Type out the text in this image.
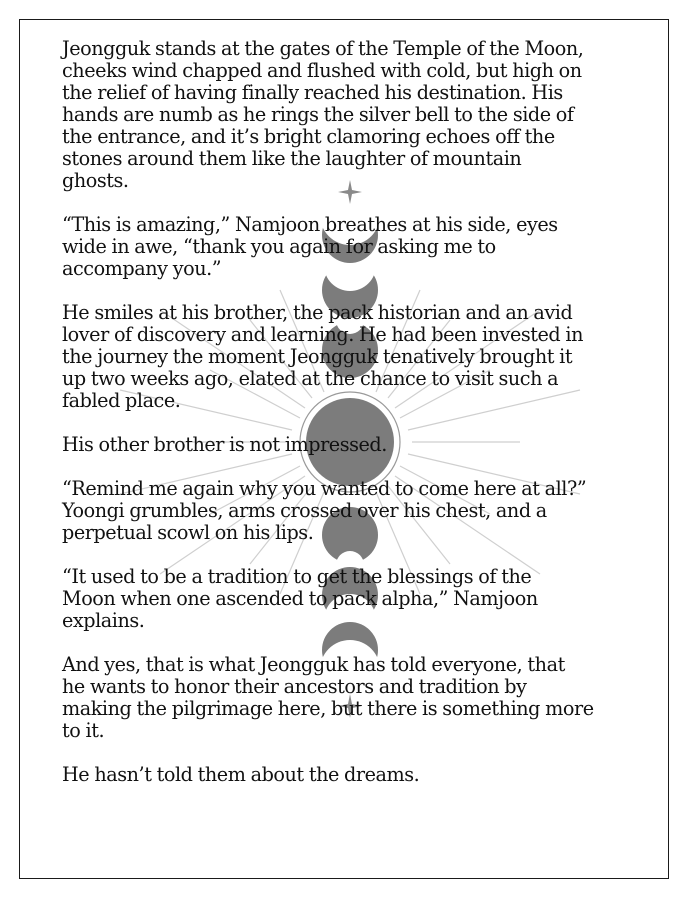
Jeongguk stands at the gates of the Temple of the Moon,
cheeks wind chapped and flushed with cold, but high on
the relief of having finally reached his destination. His
hands are numb as he rings the silver bell to the side of
the entrance, and it’s bright clamoring echoes off the
stones around them like the laughter of mountain
ghosts.

“This is amazing,” Namjoon breathes at his side, eyes
wide in awe, “thank you again for asking me to
accompany you.”

He smiles at his brother, the pack historian and an avid
lover of discovery and learning. He had been invested in
the journey the moment Jeongguk tenatively brought it
up two weeks ago, elated at the chance to visit such a
fabled place.

His other brother is not impressed.

“Remind me again why you wanted to come here at all?”
Yoongi grumbles, arms crossed over his chest, and a
perpetual scowl on his lips.

“It used to be a tradition to get the blessings of the
Moon when one ascended to pack alpha,” Namjoon
explains.

And yes, that is what Jeongguk has told everyone, that
he wants to honor their ancestors and tradition by
making the pilgrimage here, but there is something more
to it.

He hasn’t told them about the dreams.
